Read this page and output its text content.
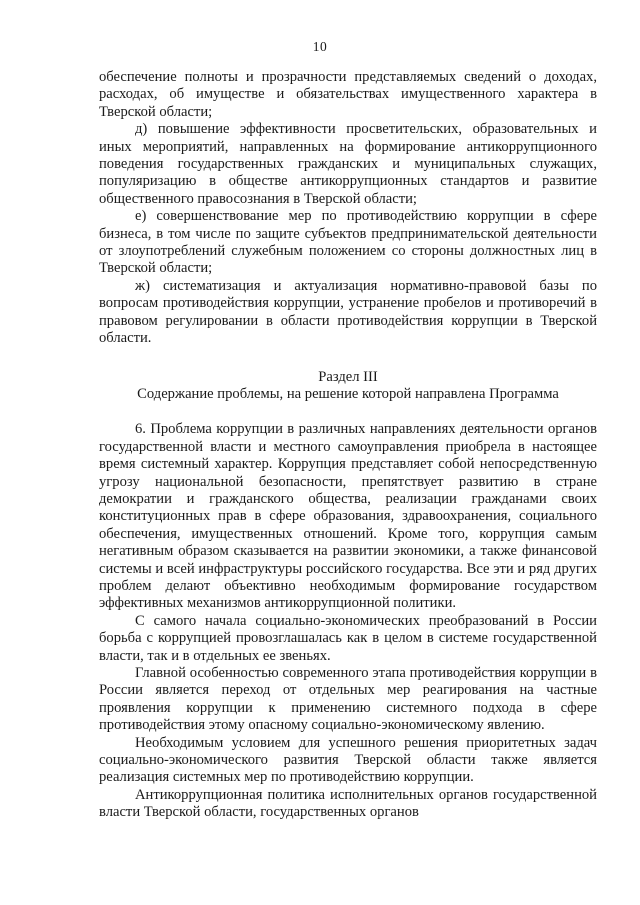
10

обеспечение полноты и прозрачности представляемых сведений о доходах, расходах, об имуществе и обязательствах имущественного характера в Тверской области;

д) повышение эффективности просветительских, образовательных и иных мероприятий, направленных на формирование антикоррупционного поведения государственных гражданских и муниципальных служащих, популяризацию в обществе антикоррупционных стандартов и развитие общественного правосознания в Тверской области;

е) совершенствование мер по противодействию коррупции в сфере бизнеса, в том числе по защите субъектов предпринимательской деятельности от злоупотреблений служебным положением со стороны должностных лиц в Тверской области;

ж) систематизация и актуализация нормативно-правовой базы по вопросам противодействия коррупции, устранение пробелов и противоречий в правовом регулировании в области противодействия коррупции в Тверской области.

Раздел III

Содержание проблемы, на решение которой направлена Программа

6. Проблема коррупции в различных направлениях деятельности органов государственной власти и местного самоуправления приобрела в настоящее время системный характер. Коррупция представляет собой непосредственную угрозу национальной безопасности, препятствует развитию в стране демократии и гражданского общества, реализации гражданами своих конституционных прав в сфере образования, здравоохранения, социального обеспечения, имущественных отношений. Кроме того, коррупция самым негативным образом сказывается на развитии экономики, а также финансовой системы и всей инфраструктуры российского государства. Все эти и ряд других проблем делают объективно необходимым формирование государством эффективных механизмов антикоррупционной политики.

С самого начала социально-экономических преобразований в России борьба с коррупцией провозглашалась как в целом в системе государственной власти, так и в отдельных ее звеньях.

Главной особенностью современного этапа противодействия коррупции в России является переход от отдельных мер реагирования на частные проявления коррупции к применению системного подхода в сфере противодействия этому опасному социально-экономическому явлению.

Необходимым условием для успешного решения приоритетных задач социально-экономического развития Тверской области также является реализация системных мер по противодействию коррупции.

Антикоррупционная политика исполнительных органов государственной власти Тверской области, государственных органов
